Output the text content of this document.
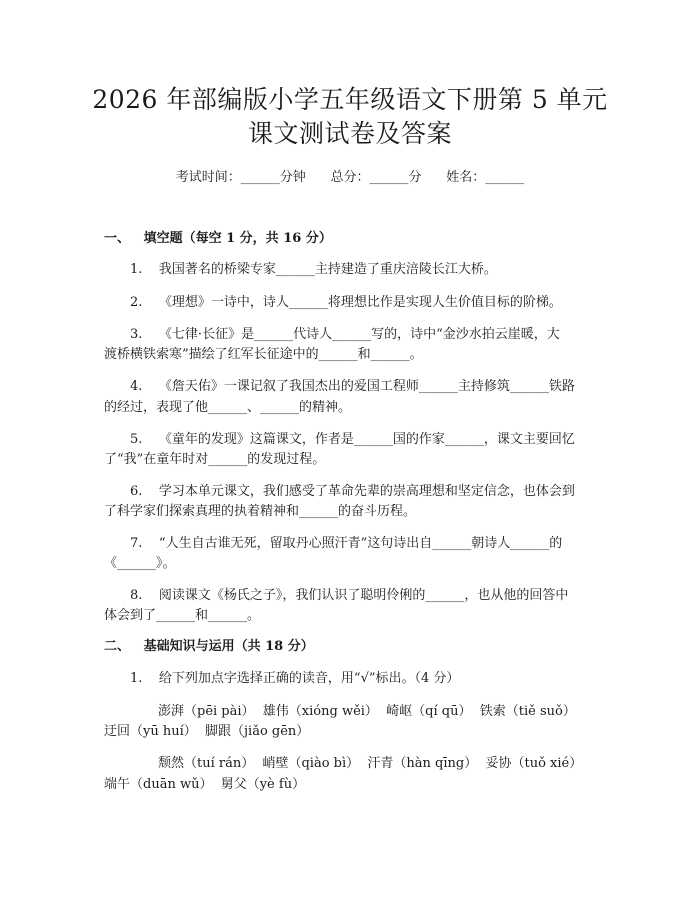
2026 年部编版小学五年级语文下册第 5 单元
课文测试卷及答案
考试时间：______分钟      总分：______分      姓名：______
一、   填空题（每空 1 分，共 16 分）
1.    我国著名的桥梁专家______主持建造了重庆涪陵长江大桥。
2.    《理想》一诗中，诗人______将理想比作是实现人生价值目标的阶梯。
3.    《七律·长征》是______代诗人______写的，诗中“金沙水拍云崖暖，大
渡桥横铁索寒”描绘了红军长征途中的______和______。
4.    《詹天佑》一课记叙了我国杰出的爱国工程师______主持修筑______铁路
的经过，表现了他______、______的精神。
5.    《童年的发现》这篇课文，作者是______国的作家______，课文主要回忆
了“我”在童年时对______的发现过程。
6.    学习本单元课文，我们感受了革命先辈的崇高理想和坚定信念，也体会到
了科学家们探索真理的执着精神和______的奋斗历程。
7.    “人生自古谁无死，留取丹心照汗青”这句诗出自______朝诗人______的
《______》。
8.    阅读课文《杨氏之子》，我们认识了聪明伶俐的______，也从他的回答中
体会到了______和______。
二、   基础知识与运用（共 18 分）
1.    给下列加点字选择正确的读音，用“√”标出。（4 分）
澎湃（pēi pài）  雄伟（xióng wěi）  崎岖（qí qū）  铁索（tiě suǒ）
迂回（yū huí）  脚跟（jiǎo gēn）
颓然（tuí rán）  峭壁（qiào bì）  汗青（hàn qīng）  妥协（tuǒ xié）
端午（duān wǔ）  舅父（yè fù）
